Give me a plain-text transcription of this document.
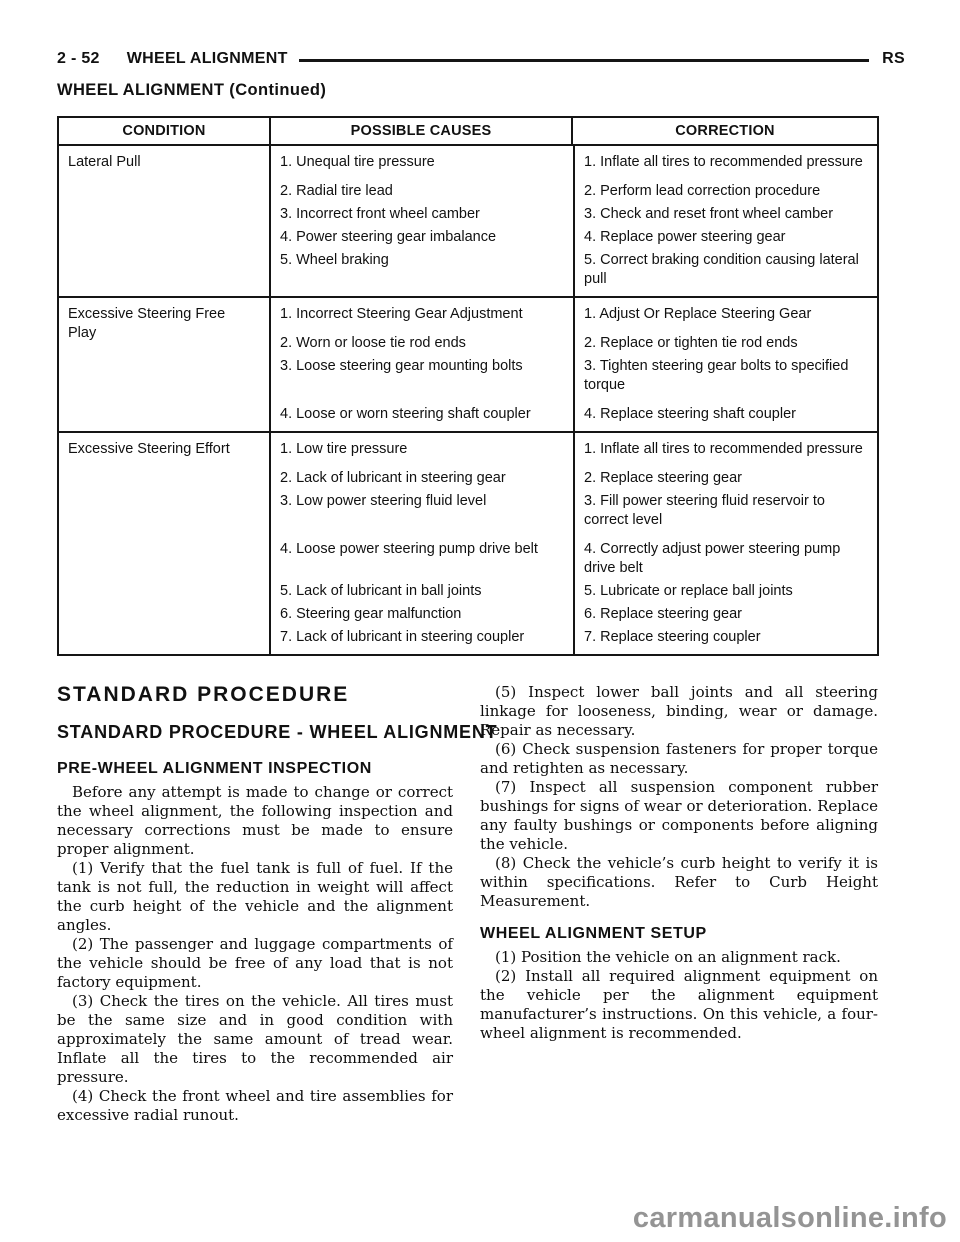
2 - 52 WHEEL ALIGNMENT	RS
WHEEL ALIGNMENT (Continued)
CONDITION	POSSIBLE CAUSES	CORRECTION
Lateral Pull	1. Unequal tire pressure	1. Inflate all tires to recommended pressure
2. Radial tire lead	2. Perform lead correction procedure
3. Incorrect front wheel camber	3. Check and reset front wheel camber
4. Power steering gear imbalance	4. Replace power steering gear
5. Wheel braking	5. Correct braking condition causing lateral pull
Excessive Steering Free Play
1. Incorrect Steering Gear Adjustment	1. Adjust Or Replace Steering Gear
2. Worn or loose tie rod ends	2. Replace or tighten tie rod ends
3. Loose steering gear mounting bolts	3. Tighten steering gear bolts to specified torque
4. Loose or worn steering shaft coupler	4. Replace steering shaft coupler
Excessive Steering Effort	1. Low tire pressure	1. Inflate all tires to recommended pressure
2. Lack of lubricant in steering gear	2. Replace steering gear
3. Low power steering fluid level	3. Fill power steering fluid reservoir to correct level
4. Loose power steering pump drive belt	4. Correctly adjust power steering pump drive belt
5. Lack of lubricant in ball joints	5. Lubricate or replace ball joints
6. Steering gear malfunction	6. Replace steering gear
7. Lack of lubricant in steering coupler	7. Replace steering coupler
STANDARD PROCEDURE
STANDARD PROCEDURE - WHEEL ALIGNMENT
PRE-WHEEL ALIGNMENT INSPECTION

Before any attempt is made to change or correct the wheel alignment, the following inspection and necessary corrections must be made to ensure proper alignment.

(1) Verify that the fuel tank is full of fuel. If the tank is not full, the reduction in weight will affect the curb height of the vehicle and the alignment angles.

(2) The passenger and luggage compartments of the vehicle should be free of any load that is not factory equipment.

(3) Check the tires on the vehicle. All tires must be the same size and in good condition with approximately the same amount of tread wear. Inflate all the tires to the recommended air pressure.

(4) Check the front wheel and tire assemblies for excessive radial runout.

(5) Inspect lower ball joints and all steering linkage for looseness, binding, wear or damage. Repair as necessary.

(6) Check suspension fasteners for proper torque and retighten as necessary.

(7) Inspect all suspension component rubber bushings for signs of wear or deterioration. Replace any faulty bushings or components before aligning the vehicle.

(8) Check the vehicle’s curb height to verify it is within specifications. Refer to Curb Height Measurement.

WHEEL ALIGNMENT SETUP

(1) Position the vehicle on an alignment rack.

(2) Install all required alignment equipment on the vehicle per the alignment equipment manufacturer’s instructions. On this vehicle, a four-wheel alignment is recommended.

carmanualsonline.info
